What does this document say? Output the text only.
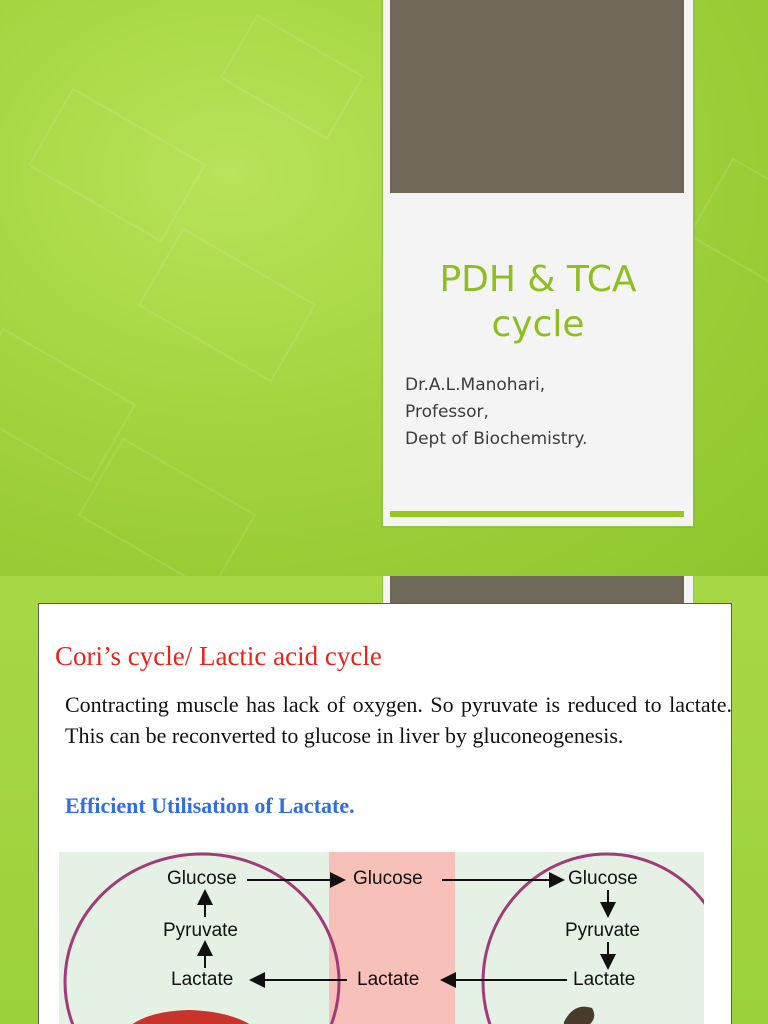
PDH & TCA
cycle
Dr.A.L.Manohari,
Professor,
Dept of Biochemistry.
Cori’s cycle/ Lactic acid cycle
Contracting muscle has lack of oxygen. So pyruvate is reduced to lactate. This can be reconverted to glucose in liver by gluconeogenesis.
Efficient Utilisation of Lactate.
Glucose
Pyruvate
Lactate
Glucose
Lactate
Glucose
Pyruvate
Lactate
